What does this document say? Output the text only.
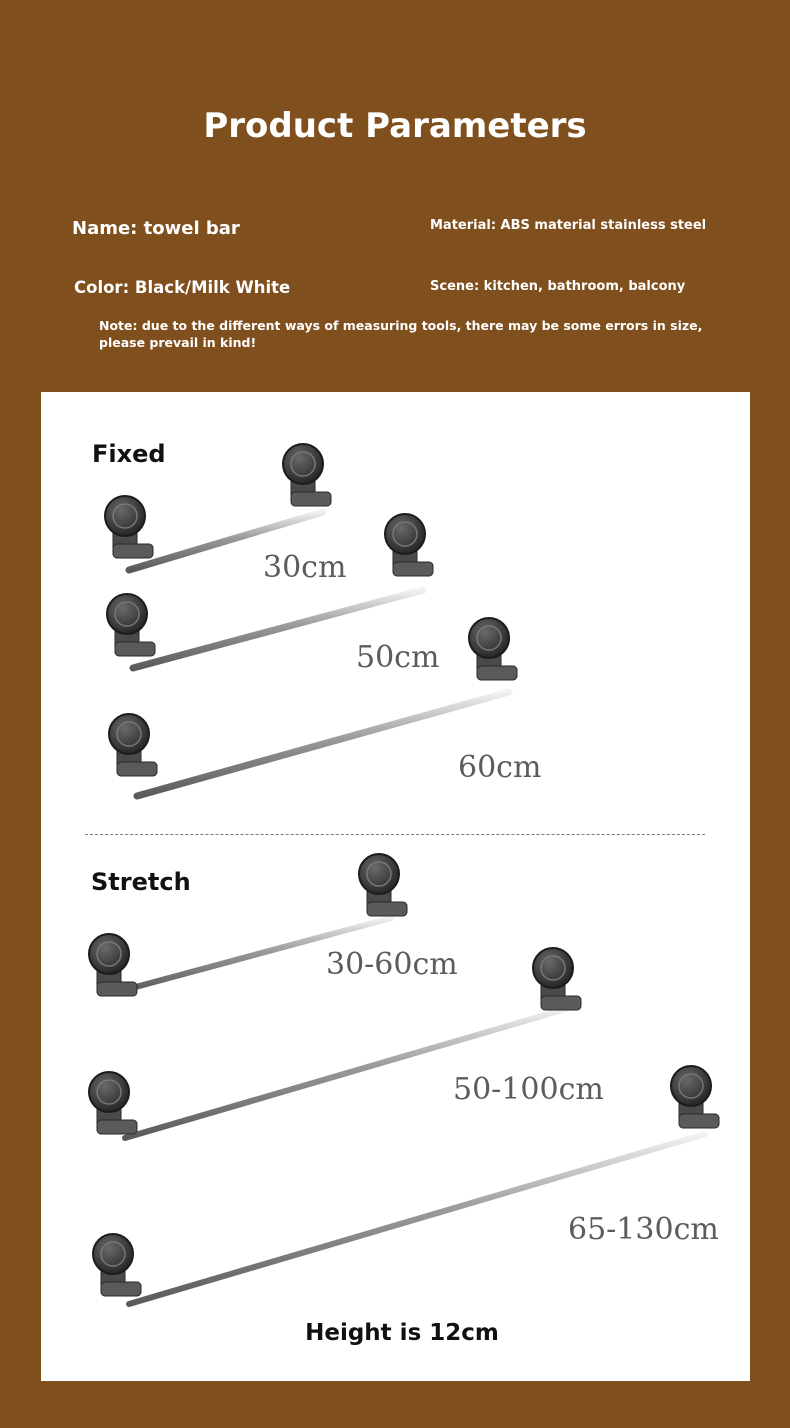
Product Parameters
Name: towel bar	Material: ABS material stainless steel
Color: Black/Milk White	Scene: kitchen, bathroom, balcony
Note: due to the different ways of measuring tools, there may be some errors in size, please prevail in kind!
Fixed
30cm
50cm
60cm
Stretch
30-60cm
50-100cm
65-130cm
Height is 12cm
